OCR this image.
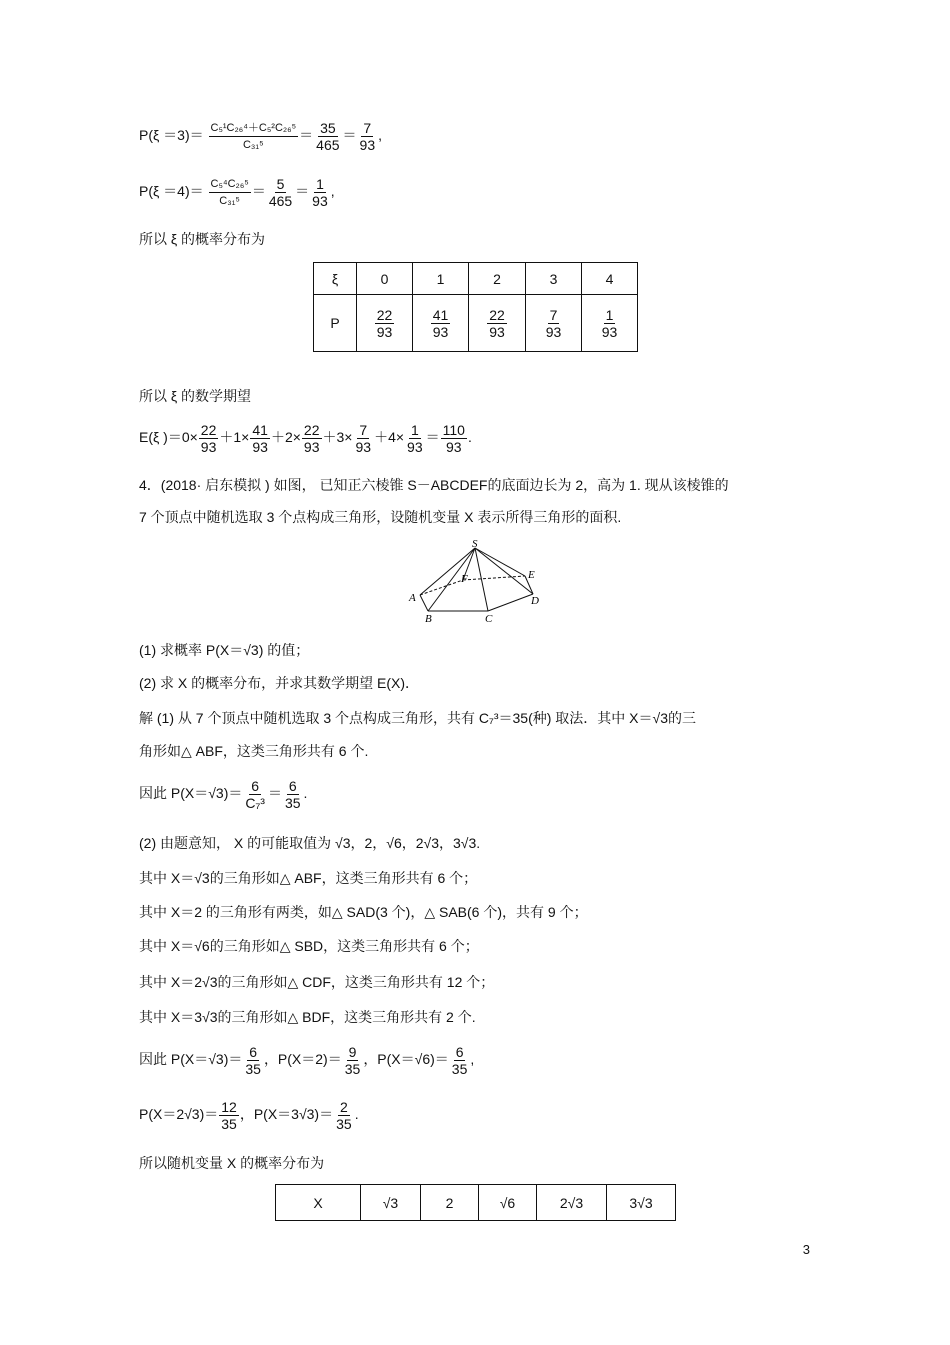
$P(\xi =3)= \frac{\text{C₅¹C₂₆⁴＋C₅²C₂₆⁵}}{\text{C₃₁⁵}} = \frac{35}{465} = \frac{7}{93}$ ,
$P(\xi =4)= \frac{\text{C₅⁴C₂₆⁵}}{\text{C₃₁⁵}} = \frac{5}{465} = \frac{1}{93}$ ,
所以 ξ 的概率分布为
ξ	0	1	2	3	4
P	$\frac{22}{93}$	$\frac{41}{93}$	$\frac{22}{93}$	$\frac{7}{93}$	$\frac{1}{93}$
所以 ξ 的数学期望
E(ξ )$=0\times \frac{22}{93} +1\times \frac{41}{93} +2\times \frac{22}{93} +3\times \frac{7}{93} +4\times \frac{1}{93} = \frac{110}{93}$ .
4．(2018· 启东模拟 ) 如图， 已知正六棱锥 S－ABCDEF的底面边长为 2，高为 1. 现从该棱锥的
7 个顶点中随机选取 3 个点构成三角形，设随机变量 X 表示所得三角形的面积.
S
F	E
A	D
B	C
(1) 求概率 P(X＝√3) 的值；
(2) 求 X 的概率分布，并求其数学期望 E(X)．
解 (1) 从 7 个顶点中随机选取 3 个点构成三角形，共有 C₇³＝35(种) 取法．其中 X＝√3的三
角形如△ ABF，这类三角形共有 6 个.
因此 $P(X=√3)= \frac{6}{\text{C₇³}} = \frac{6}{35}$ .
(2) 由题意知， X 的可能取值为 √3，2，√6，2√3，3√3.
其中 X＝√3的三角形如△ ABF，这类三角形共有 6 个；
其中 X＝2 的三角形有两类，如△ SAD(3 个)，△ SAB(6 个)，共有 9 个；
其中 X＝√6的三角形如△ SBD，这类三角形共有 6 个；
其中 X＝2√3的三角形如△ CDF，这类三角形共有 12 个；
其中 X＝3√3的三角形如△ BDF，这类三角形共有 2 个.
因此 $P(X=√3)= \frac{6}{35}$ ，$P(X=2)= \frac{9}{35}$ ，$P(X=√6)= \frac{6}{35}$ ,
$P(X=2√3)= \frac{12}{35}$ ，$P(X=3√3)= \frac{2}{35}$ .
所以随机变量 X 的概率分布为
X	√3	2	√6	2√3	3√3
3
